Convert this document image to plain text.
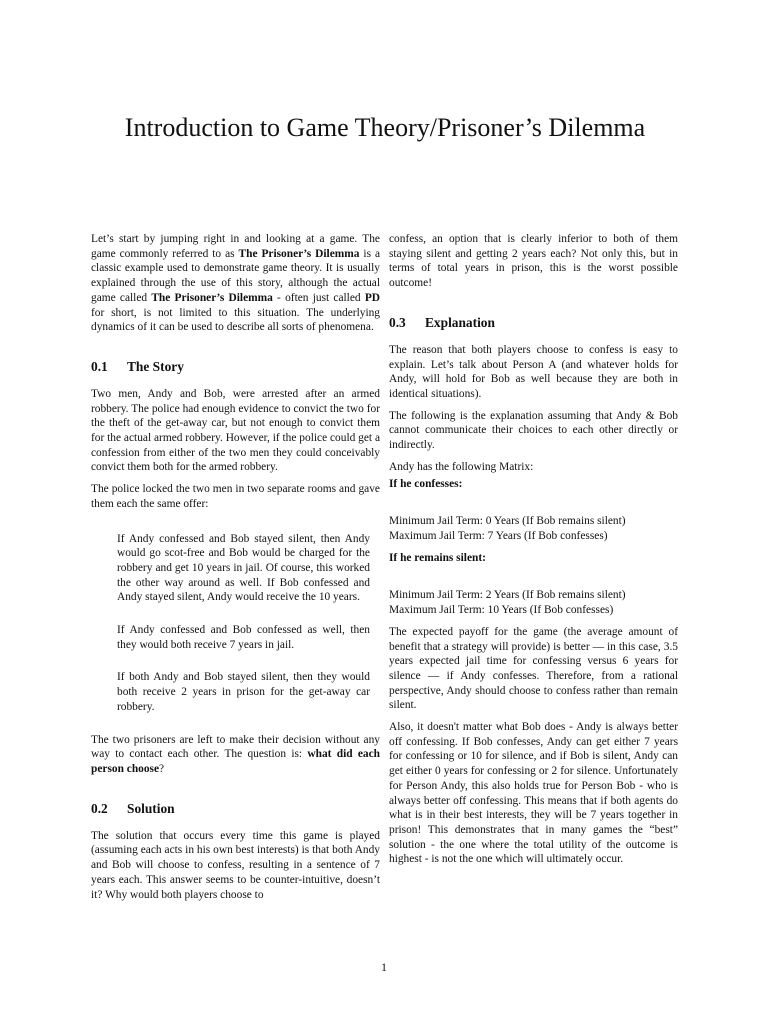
Introduction to Game Theory/Prisoner’s Dilemma

Let’s start by jumping right in and looking at a game. The game commonly referred to as The Prisoner’s Dilemma is a classic example used to demonstrate game theory. It is usually explained through the use of this story, although the actual game called The Prisoner’s Dilemma - often just called PD for short, is not limited to this situation. The underlying dynamics of it can be used to describe all sorts of phenomena.

0.1 The Story

Two men, Andy and Bob, were arrested after an armed robbery. The police had enough evidence to convict the two for the theft of the get-away car, but not enough to convict them for the actual armed robbery. However, if the police could get a confession from either of the two men they could conceivably convict them both for the armed robbery.

The police locked the two men in two separate rooms and gave them each the same offer:

If Andy confessed and Bob stayed silent, then Andy would go scot-free and Bob would be charged for the robbery and get 10 years in jail. Of course, this worked the other way around as well. If Bob confessed and Andy stayed silent, Andy would receive the 10 years.

If Andy confessed and Bob confessed as well, then they would both receive 7 years in jail.

If both Andy and Bob stayed silent, then they would both receive 2 years in prison for the get-away car robbery.

The two prisoners are left to make their decision without any way to contact each other. The question is: what did each person choose?

0.2 Solution

The solution that occurs every time this game is played (assuming each acts in his own best interests) is that both Andy and Bob will choose to confess, resulting in a sentence of 7 years each. This answer seems to be counter-intuitive, doesn’t it? Why would both players choose to

confess, an option that is clearly inferior to both of them staying silent and getting 2 years each? Not only this, but in terms of total years in prison, this is the worst possible outcome!

0.3 Explanation

The reason that both players choose to confess is easy to explain. Let’s talk about Person A (and whatever holds for Andy, will hold for Bob as well because they are both in identical situations).

The following is the explanation assuming that Andy & Bob cannot communicate their choices to each other directly or indirectly.

Andy has the following Matrix:

If he confesses:
Minimum Jail Term: 0 Years (If Bob remains silent)
Maximum Jail Term: 7 Years (If Bob confesses)
If he remains silent:
Minimum Jail Term: 2 Years (If Bob remains silent)
Maximum Jail Term: 10 Years (If Bob confesses)

The expected payoff for the game (the average amount of benefit that a strategy will provide) is better — in this case, 3.5 years expected jail time for confessing versus 6 years for silence — if Andy confesses. Therefore, from a rational perspective, Andy should choose to confess rather than remain silent.

Also, it doesn't matter what Bob does - Andy is always better off confessing. If Bob confesses, Andy can get either 7 years for confessing or 10 for silence, and if Bob is silent, Andy can get either 0 years for confessing or 2 for silence. Unfortunately for Person Andy, this also holds true for Person Bob - who is always better off confessing. This means that if both agents do what is in their best interests, they will be 7 years together in prison! This demonstrates that in many games the “best” solution - the one where the total utility of the outcome is highest - is not the one which will ultimately occur.

1
